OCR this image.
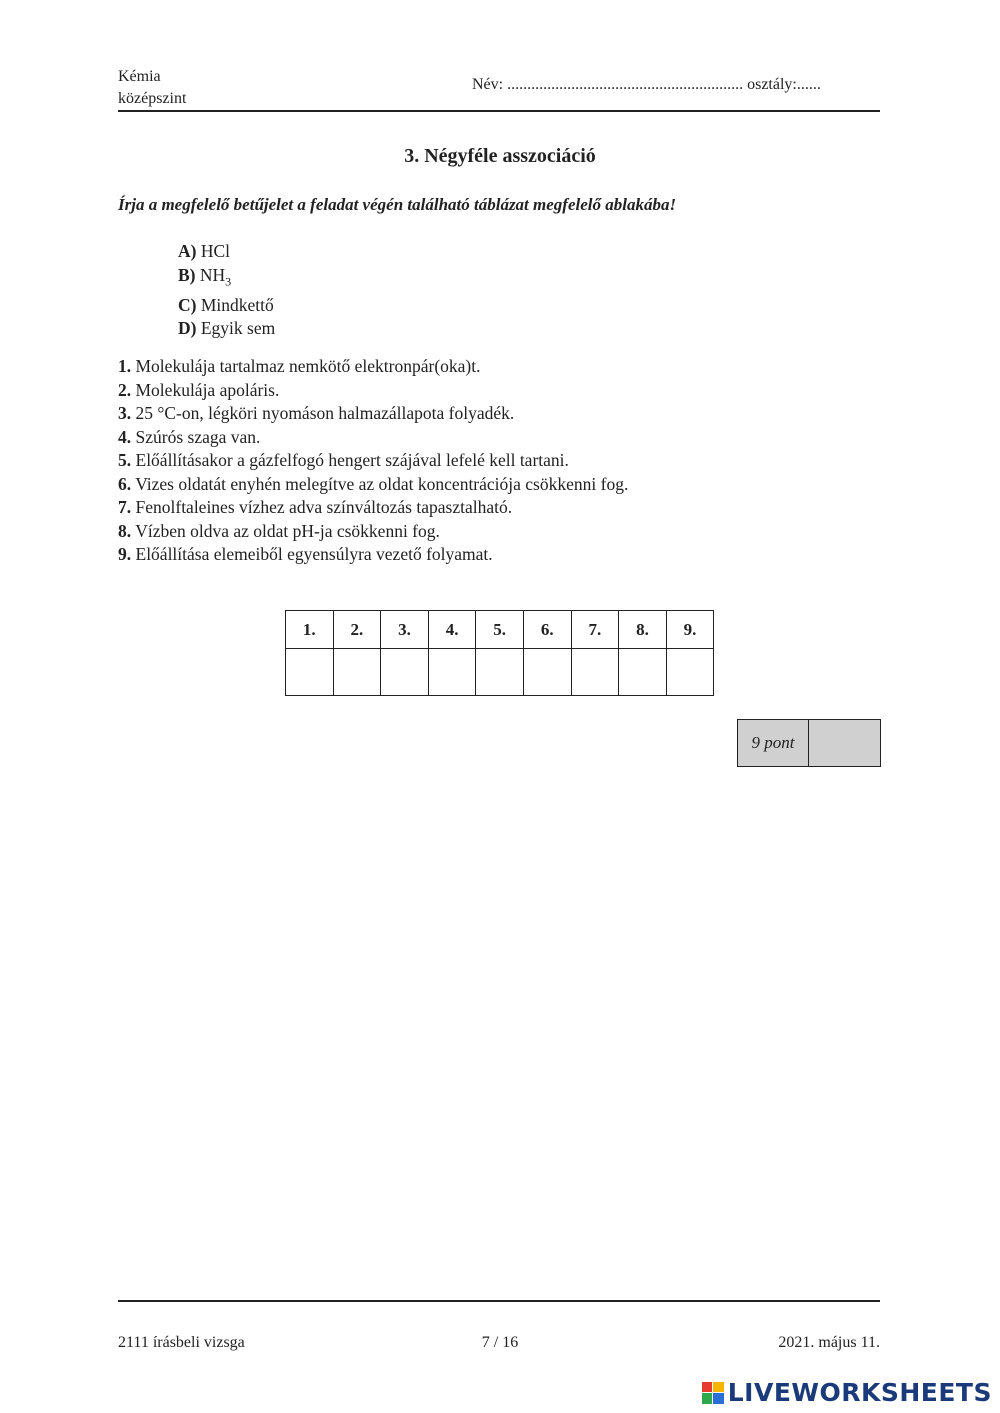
Kémia
középszint
Név: ........................................................... osztály:......
3. Négyféle asszociáció
Írja a megfelelő betűjelet a feladat végén található táblázat megfelelő ablakába!
A) HCl
B) $NH_3$
C) Mindkettő
D) Egyik sem
1. Molekulája tartalmaz nemkötő elektronpár(oka)t.
2. Molekulája apoláris.
3. 25 °C-on, légköri nyomáson halmazállapota folyadék.
4. Szúrós szaga van.
5. Előállításakor a gázfelfogó hengert szájával lefelé kell tartani.
6. Vizes oldatát enyhén melegítve az oldat koncentrációja csökkenni fog.
7. Fenolftaleines vízhez adva színváltozás tapasztalható.
8. Vízben oldva az oldat pH-ja csökkenni fog.
9. Előállítása elemeiből egyensúlyra vezető folyamat.
1.	2.	3.	4.	5.	6.	7.	8.	9.

9 pont	
2111 írásbeli vizsga	7 / 16	2021. május 11.
LIVEWORKSHEETS
